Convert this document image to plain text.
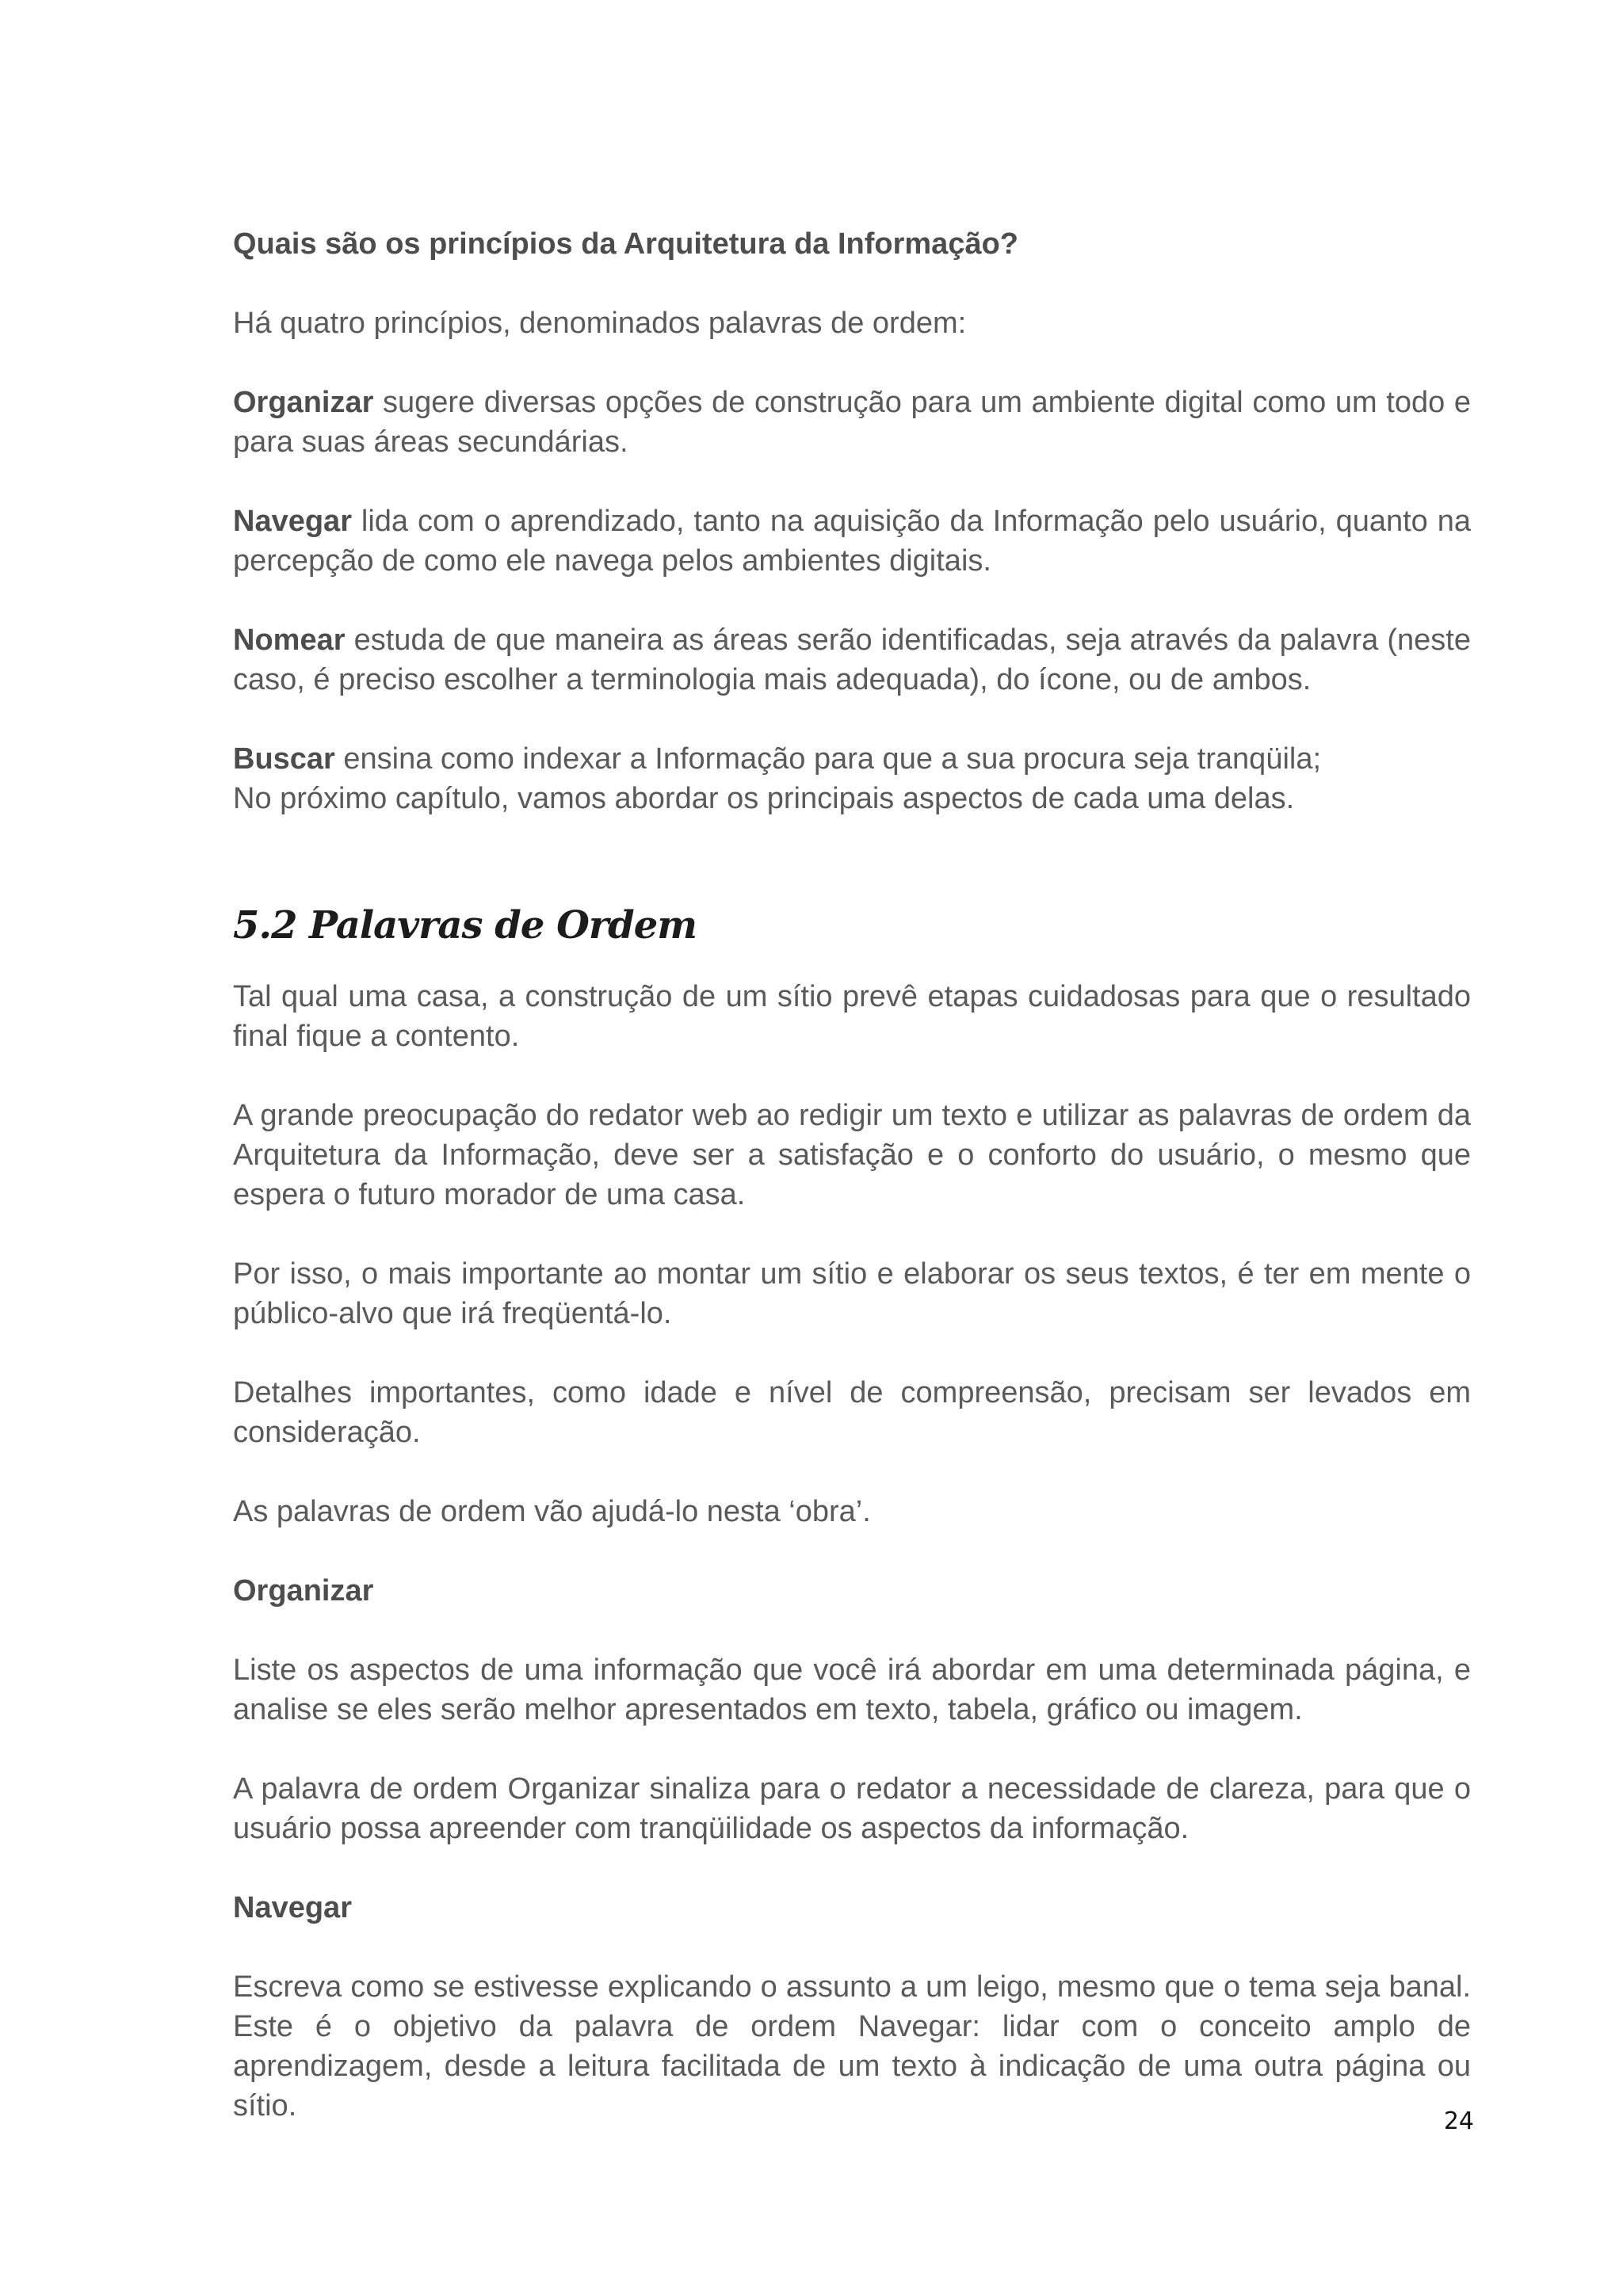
Quais são os princípios da Arquitetura da Informação?

Há quatro princípios, denominados palavras de ordem:

Organizar sugere diversas opções de construção para um ambiente digital como um todo e para suas áreas secundárias.

Navegar lida com o aprendizado, tanto na aquisição da Informação pelo usuário, quanto na percepção de como ele navega pelos ambientes digitais.

Nomear estuda de que maneira as áreas serão identificadas, seja através da palavra (neste caso, é preciso escolher a terminologia mais adequada), do ícone, ou de ambos.

Buscar ensina como indexar a Informação para que a sua procura seja tranqüila;

No próximo capítulo, vamos abordar os principais aspectos de cada uma delas.

5.2 Palavras de Ordem

Tal qual uma casa, a construção de um sítio prevê etapas cuidadosas para que o resultado final fique a contento.

A grande preocupação do redator web ao redigir um texto e utilizar as palavras de ordem da Arquitetura da Informação, deve ser a satisfação e o conforto do usuário, o mesmo que espera o futuro morador de uma casa.

Por isso, o mais importante ao montar um sítio e elaborar os seus textos, é ter em mente o público-alvo que irá freqüentá-lo.

Detalhes importantes, como idade e nível de compreensão, precisam ser levados em consideração.

As palavras de ordem vão ajudá-lo nesta ‘obra’.

Organizar

Liste os aspectos de uma informação que você irá abordar em uma determinada página, e analise se eles serão melhor apresentados em texto, tabela, gráfico ou imagem.

A palavra de ordem Organizar sinaliza para o redator a necessidade de clareza, para que o usuário possa apreender com tranqüilidade os aspectos da informação.

Navegar

Escreva como se estivesse explicando o assunto a um leigo, mesmo que o tema seja banal. Este é o objetivo da palavra de ordem Navegar: lidar com o conceito amplo de aprendizagem, desde a leitura facilitada de um texto à indicação de uma outra página ou sítio.	24
